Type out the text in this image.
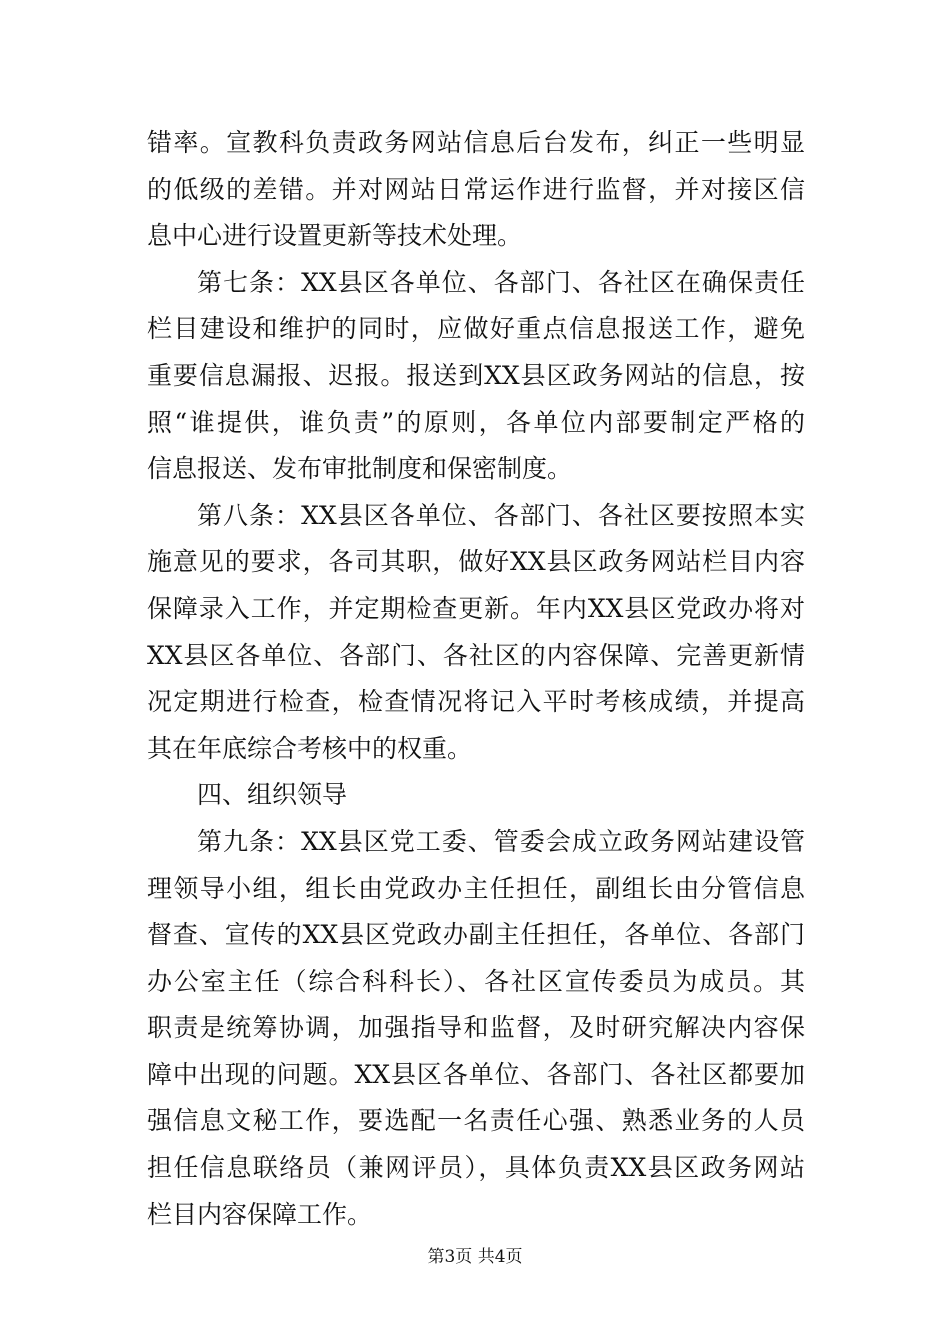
错率。宣教科负责政务网站信息后台发布，纠正一些明显
的低级的差错。并对网站日常运作进行监督，并对接区信
息中心进行设置更新等技术处理。
第七条：XX县区各单位、各部门、各社区在确保责任
栏目建设和维护的同时，应做好重点信息报送工作，避免
重要信息漏报、迟报。报送到XX县区政务网站的信息，按
照“谁提供，谁负责”的原则，各单位内部要制定严格的
信息报送、发布审批制度和保密制度。
第八条：XX县区各单位、各部门、各社区要按照本实
施意见的要求，各司其职，做好XX县区政务网站栏目内容
保障录入工作，并定期检查更新。年内XX县区党政办将对
XX县区各单位、各部门、各社区的内容保障、完善更新情
况定期进行检查，检查情况将记入平时考核成绩，并提高
其在年底综合考核中的权重。
四、组织领导
第九条：XX县区党工委、管委会成立政务网站建设管
理领导小组，组长由党政办主任担任，副组长由分管信息
督查、宣传的XX县区党政办副主任担任，各单位、各部门
办公室主任（综合科科长）、各社区宣传委员为成员。其
职责是统筹协调，加强指导和监督，及时研究解决内容保
障中出现的问题。XX县区各单位、各部门、各社区都要加
强信息文秘工作，要选配一名责任心强、熟悉业务的人员
担任信息联络员（兼网评员），具体负责XX县区政务网站
栏目内容保障工作。
第3页 共4页
